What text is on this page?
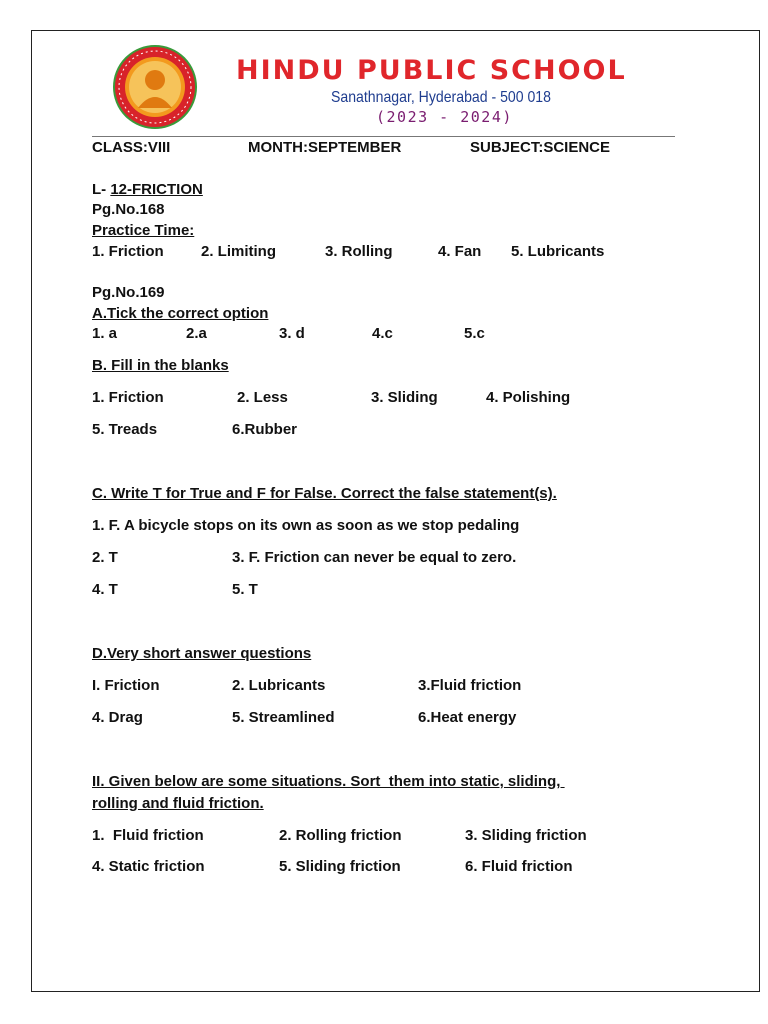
HINDU PUBLIC SCHOOL
Sanathnagar, Hyderabad - 500 018
(2023 - 2024)
CLASS:VIII	MONTH:SEPTEMBER	SUBJECT:SCIENCE
L- 12-FRICTION
Pg.No.168
Practice Time:
1. Friction 2. Limiting	3. Rolling	4. Fan 5. Lubricants
Pg.No.169
A.Tick the correct option
1. a	2.a	3. d	4.c	5.c
B. Fill in the blanks
1. Friction	2. Less	3. Sliding	4. Polishing
5. Treads	6.Rubber
C. Write T for True and F for False. Correct the false statement(s).
1. F. A bicycle stops on its own as soon as we stop pedaling
2. T	3. F. Friction can never be equal to zero.
4. T	5. T
D.Very short answer questions
I. Friction	2. Lubricants	3.Fluid friction
4. Drag	5. Streamlined	6.Heat energy
II. Given below are some situations. Sort  them into static, sliding,
rolling and fluid friction.
1.  Fluid friction	2. Rolling friction	3. Sliding friction
4. Static friction	5. Sliding friction	6. Fluid friction
